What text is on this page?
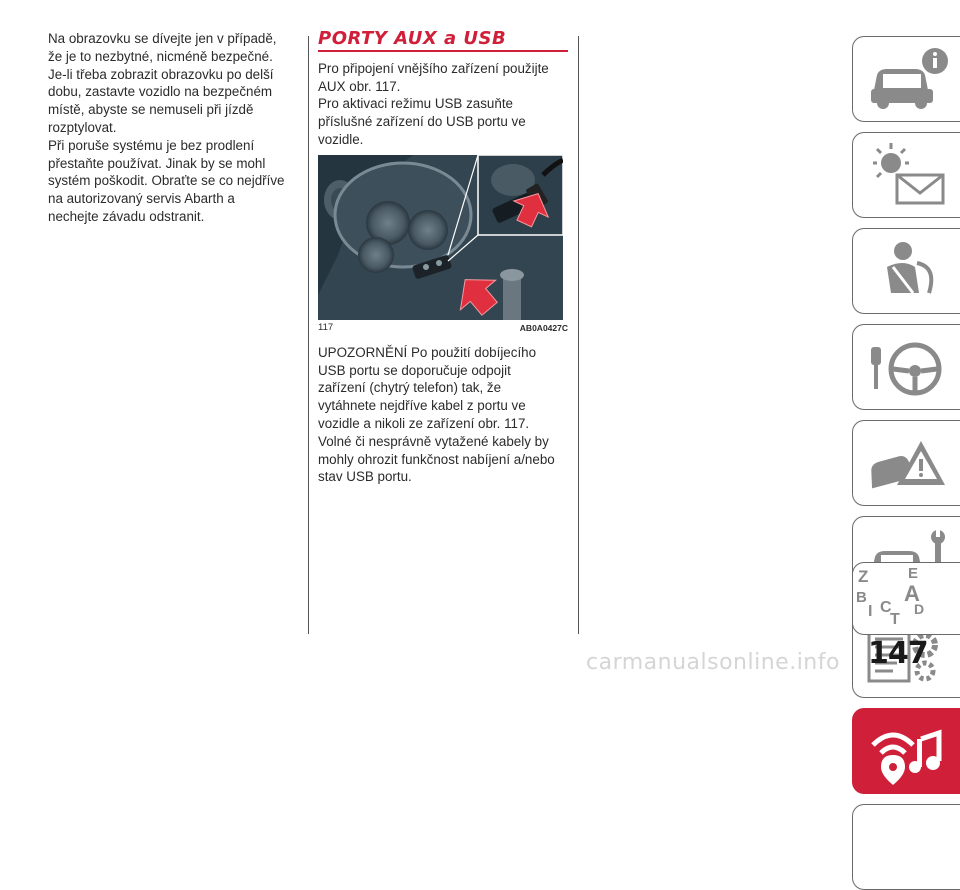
Na obrazovku se dívejte jen v případě,

že je to nezbytné, nicméně bezpečné.

Je-li třeba zobrazit obrazovku po delší

dobu, zastavte vozidlo na bezpečném

místě, abyste se nemuseli při jízdě

rozptylovat.

Při poruše systému je bez prodlení

přestaňte používat. Jinak by se mohl

systém poškodit. Obraťte se co nejdříve

na autorizovaný servis Abarth a

nechejte závadu odstranit.

PORTY AUX a USB

Pro připojení vnějšího zařízení použijte

AUX obr. 117.

Pro aktivaci režimu USB zasuňte

příslušné zařízení do USB portu ve

vozidle.

117	AB0A0427C

UPOZORNĚNÍ Po použití dobíjecího

USB portu se doporučuje odpojit

zařízení (chytrý telefon) tak, že

vytáhnete nejdříve kabel z portu ve

vozidle a nikoli ze zařízení obr. 117.

Volné či nesprávně vytažené kabely by

mohly ohrozit funkčnost nabíjení a/nebo

stav USB portu.

Z	E
A
B
C D
T
I
carmanualsonline.info 147
